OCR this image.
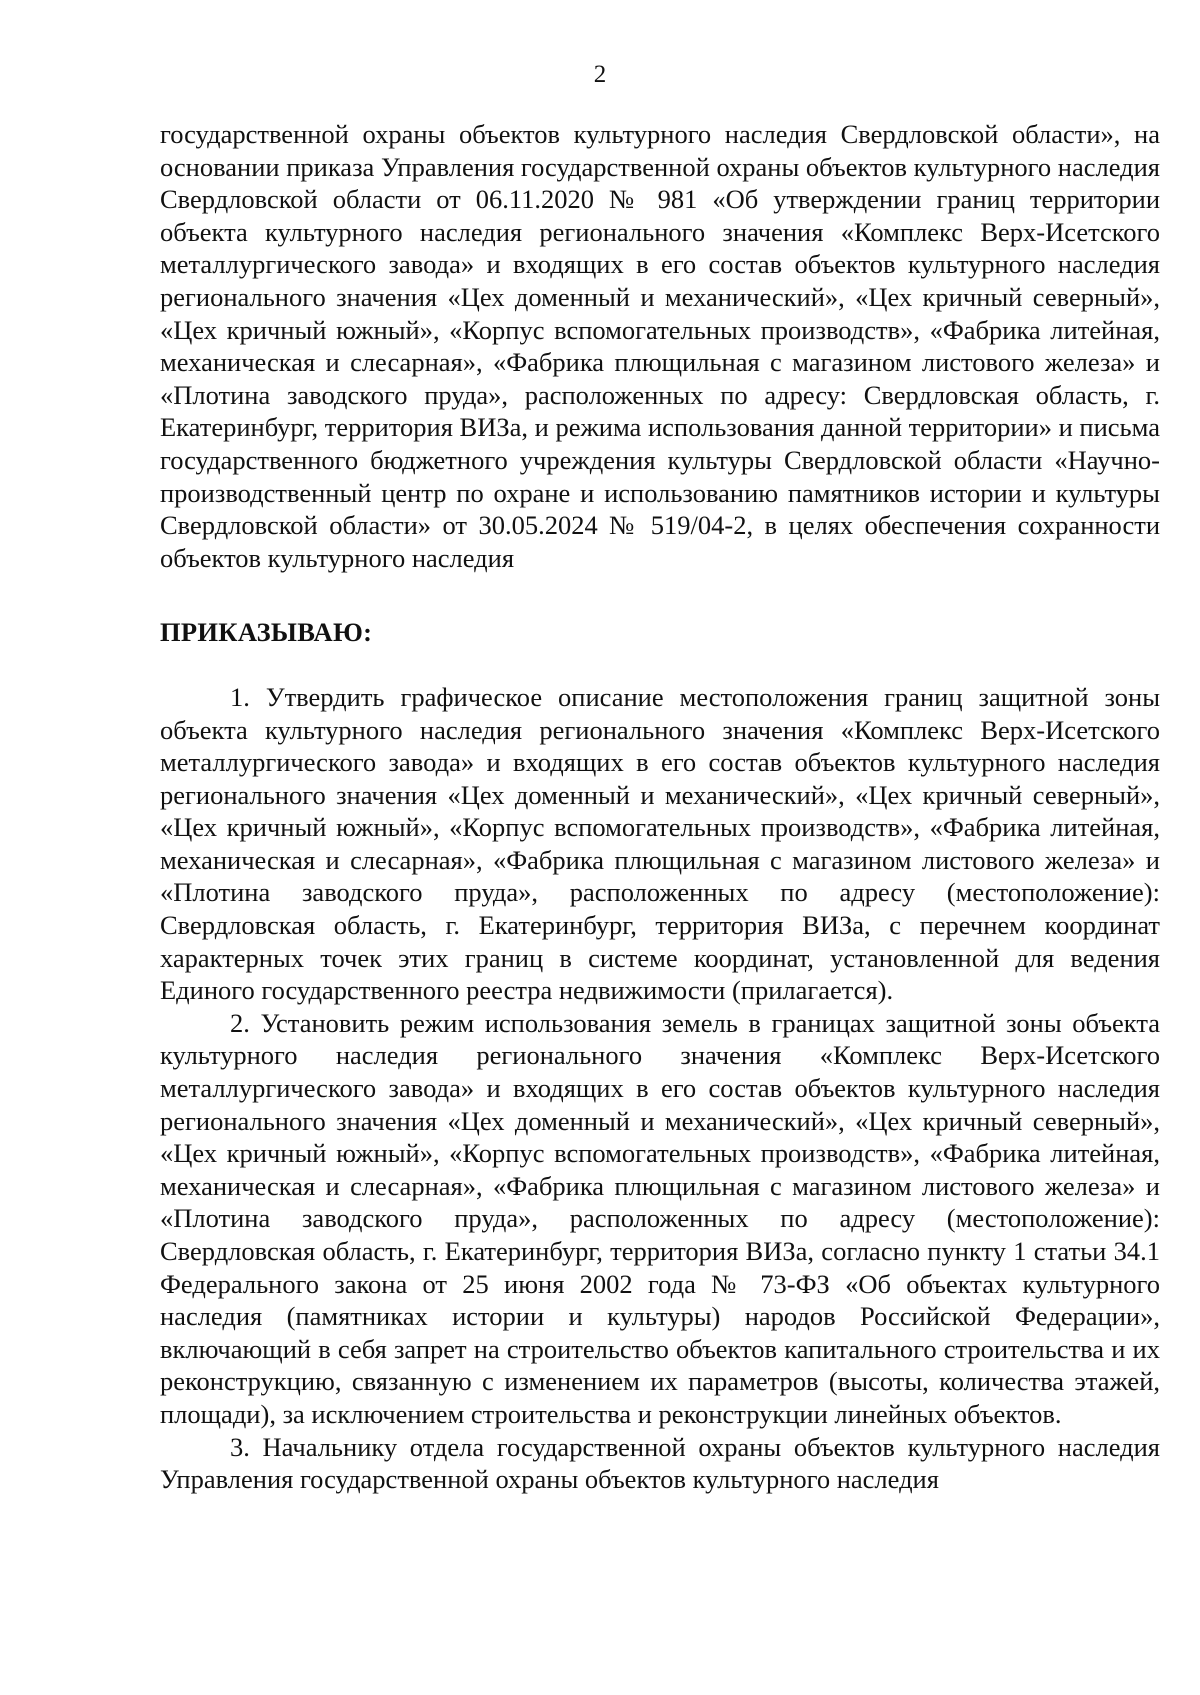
2

государственной охраны объектов культурного наследия Свердловской области», на основании приказа Управления государственной охраны объектов культурного наследия Свердловской области от 06.11.2020 № 981 «Об утверждении границ территории объекта культурного наследия регионального значения «Комплекс Верх-Исетского металлургического завода» и входящих в его состав объектов культурного наследия регионального значения «Цех доменный и механический», «Цех кричный северный», «Цех кричный южный», «Корпус вспомогательных производств», «Фабрика литейная, механическая и слесарная», «Фабрика плющильная с магазином листового железа» и «Плотина заводского пруда», расположенных по адресу: Свердловская область, г. Екатеринбург, территория ВИЗа, и режима использования данной территории» и письма государственного бюджетного учреждения культуры Свердловской области «Научно-производственный центр по охране и использованию памятников истории и культуры Свердловской области» от 30.05.2024 № 519/04-2, в целях обеспечения сохранности объектов культурного наследия

ПРИКАЗЫВАЮ:

1. Утвердить графическое описание местоположения границ защитной зоны объекта культурного наследия регионального значения «Комплекс Верх-Исетского металлургического завода» и входящих в его состав объектов культурного наследия регионального значения «Цех доменный и механический», «Цех кричный северный», «Цех кричный южный», «Корпус вспомогательных производств», «Фабрика литейная, механическая и слесарная», «Фабрика плющильная с магазином листового железа» и «Плотина заводского пруда», расположенных по адресу (местоположение): Свердловская область, г. Екатеринбург, территория ВИЗа, с перечнем координат характерных точек этих границ в системе координат, установленной для ведения Единого государственного реестра недвижимости (прилагается).

2. Установить режим использования земель в границах защитной зоны объекта культурного наследия регионального значения «Комплекс Верх-Исетского металлургического завода» и входящих в его состав объектов культурного наследия регионального значения «Цех доменный и механический», «Цех кричный северный», «Цех кричный южный», «Корпус вспомогательных производств», «Фабрика литейная, механическая и слесарная», «Фабрика плющильная с магазином листового железа» и «Плотина заводского пруда», расположенных по адресу (местоположение): Свердловская область, г. Екатеринбург, территория ВИЗа, согласно пункту 1 статьи 34.1 Федерального закона от 25 июня 2002 года № 73-ФЗ «Об объектах культурного наследия (памятниках истории и культуры) народов Российской Федерации», включающий в себя запрет на строительство объектов капитального строительства и их реконструкцию, связанную с изменением их параметров (высоты, количества этажей, площади), за исключением строительства и реконструкции линейных объектов.

3. Начальнику отдела государственной охраны объектов культурного наследия Управления государственной охраны объектов культурного наследия
